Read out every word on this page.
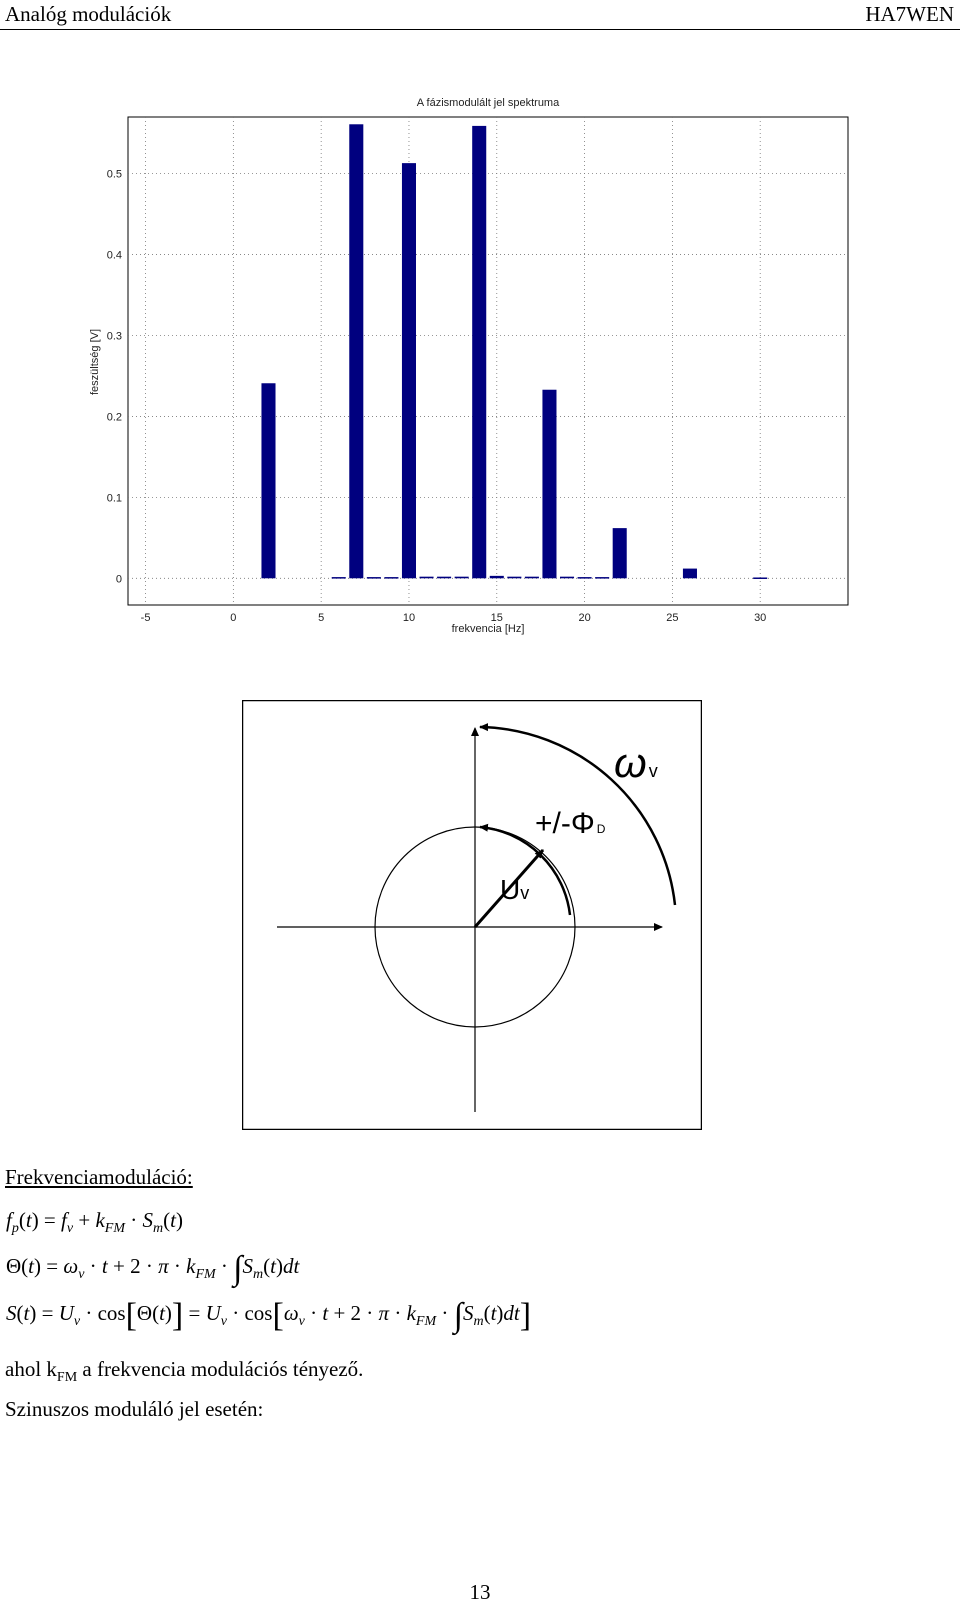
Analóg modulációk	HA7WEN
A fázismodulált jel spektruma
-5	0	5	10	15	20	25	30
0
0.1
0.2
0.3
0.4
0.5
frekvencia [Hz]
feszültség [V]
ωv
+/-Φ D
Uv
Frekvenciamoduláció:
$f_p(t) = f_v + k_{FM} \cdot S_m(t)$
$\Theta(t) = \omega_v \cdot t + 2 \cdot \pi \cdot k_{FM} \cdot \int S_m(t)dt$
$S(t) = U_v \cdot \cos[\Theta(t)] = U_v \cdot \cos[\omega_v \cdot t + 2 \cdot \pi \cdot k_{FM} \cdot \int S_m(t)dt]$
ahol $k_{FM}$ a frekvencia modulációs tényező.
Szinuszos moduláló jel esetén:
13
